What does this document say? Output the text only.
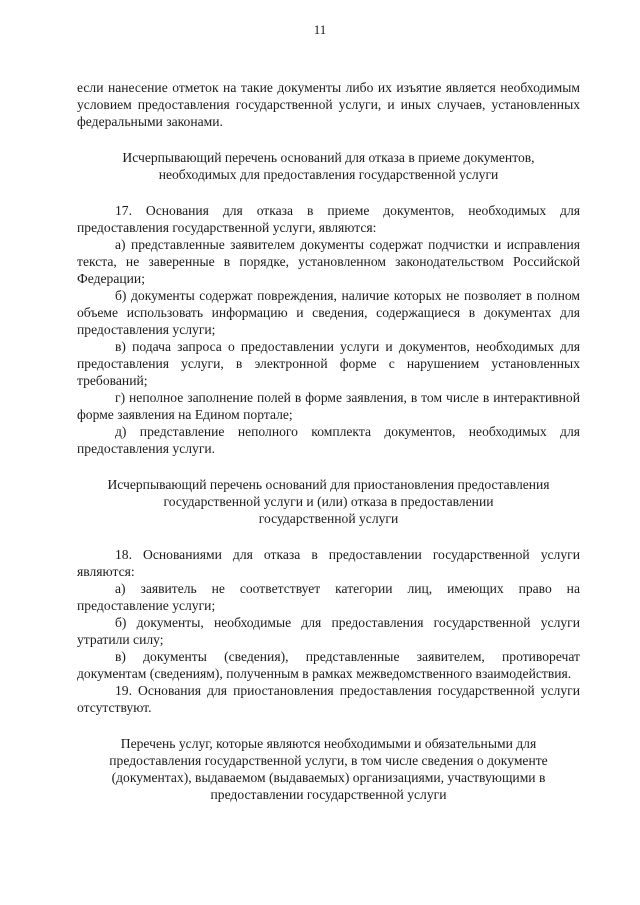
11

если нанесение отметок на такие документы либо их изъятие является необходимым условием предоставления государственной услуги, и иных случаев, установленных федеральными законами.

Исчерпывающий перечень оснований для отказа в приеме документов,
необходимых для предоставления государственной услуги

17. Основания для отказа в приеме документов, необходимых для предоставления государственной услуги, являются:

а) представленные заявителем документы содержат подчистки и исправления текста, не заверенные в порядке, установленном законодательством Российской Федерации;

б) документы содержат повреждения, наличие которых не позволяет в полном объеме использовать информацию и сведения, содержащиеся в документах для предоставления услуги;

в) подача запроса о предоставлении услуги и документов, необходимых для предоставления услуги, в электронной форме с нарушением установленных требований;

г) неполное заполнение полей в форме заявления, в том числе в интерактивной форме заявления на Едином портале;

д) представление неполного комплекта документов, необходимых для предоставления услуги.

Исчерпывающий перечень оснований для приостановления предоставления
государственной услуги и (или) отказа в предоставлении
государственной услуги

18. Основаниями для отказа в предоставлении государственной услуги являются:

а) заявитель не соответствует категории лиц, имеющих право на предоставление услуги;

б) документы, необходимые для предоставления государственной услуги утратили силу;

в) документы (сведения), представленные заявителем, противоречат документам (сведениям), полученным в рамках межведомственного взаимодействия.

19. Основания для приостановления предоставления государственной услуги отсутствуют.

Перечень услуг, которые являются необходимыми и обязательными для
предоставления государственной услуги, в том числе сведения о документе
(документах), выдаваемом (выдаваемых) организациями, участвующими в
предоставлении государственной услуги
